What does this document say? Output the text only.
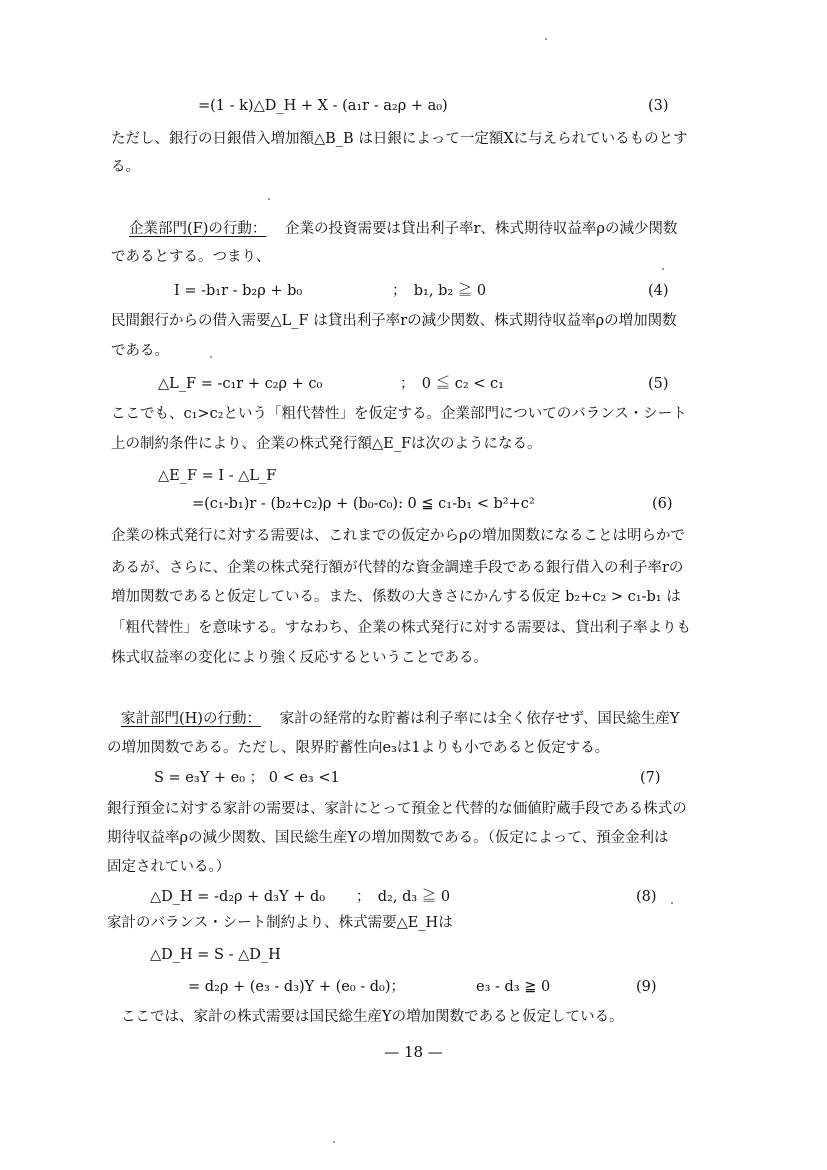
=(1 - k)△D_H + X - (a₁r - a₂ρ + a₀)	(3)
ただし、銀行の日銀借入増加額△B_B は日銀によって一定額Xに与えられているものとす
る。
企業部門(F)の行動： 企業の投資需要は貸出利子率r、株式期待収益率ρの減少関数
であるとする。つまり、
I = -b₁r - b₂ρ + b₀	；　b₁, b₂ ≧ 0	(4)
民間銀行からの借入需要△L_F は貸出利子率rの減少関数、株式期待収益率ρの増加関数
である。
△L_F = -c₁r + c₂ρ + c₀	；　0 ≦ c₂ < c₁	(5)
ここでも、c₁>c₂という「粗代替性」を仮定する。企業部門についてのバランス・シート
上の制約条件により、企業の株式発行額△E_Fは次のようになる。
△E_F = I - △L_F
=(c₁-b₁)r - (b₂+c₂)ρ + (b₀-c₀): 0 ≦ c₁-b₁ < b²+c²	(6)
企業の株式発行に対する需要は、これまでの仮定からρの増加関数になることは明らかで
あるが、さらに、企業の株式発行額が代替的な資金調達手段である銀行借入の利子率rの
増加関数であると仮定している。また、係数の大きさにかんする仮定 b₂+c₂ > c₁-b₁ は
「粗代替性」を意味する。すなわち、企業の株式発行に対する需要は、貸出利子率よりも
株式収益率の変化により強く反応するということである。
家計部門(H)の行動： 家計の経常的な貯蓄は利子率には全く依存せず、国民総生産Y
の増加関数である。ただし、限界貯蓄性向e₃は1よりも小であると仮定する。
S = e₃Y + e₀ ； 0 < e₃ <1	(7)
銀行預金に対する家計の需要は、家計にとって預金と代替的な価値貯蔵手段である株式の
期待収益率ρの減少関数、国民総生産Yの増加関数である。（仮定によって、預金金利は
固定されている。）
△D_H = -d₂ρ + d₃Y + d₀ ；　d₂, d₃ ≧ 0	(8)
家計のバランス・シート制約より、株式需要△E_Hは
△D_H = S - △D_H
= d₂ρ + (e₃ - d₃)Y + (e₀ - d₀)；	e₃ - d₃ ≧ 0	(9)
ここでは、家計の株式需要は国民総生産Yの増加関数であると仮定している。
— 18 —
